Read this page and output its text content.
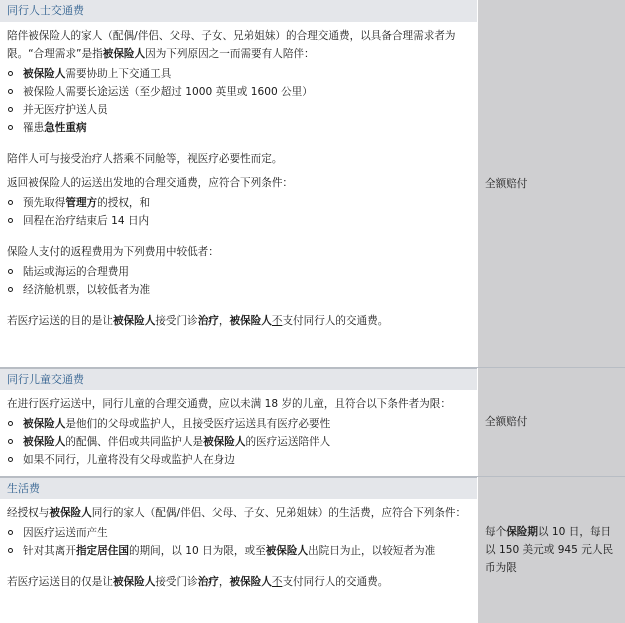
同行人士交通费

陪伴被保险人的家人（配偶/伴侣、父母、子女、兄弟姐妹）的合理交通费，以具备合理需求者为限。“合理需求”是指被保险人因为下列原因之一而需要有人陪伴：

被保险人需要协助上下交通工具
被保险人需要长途运送（至少超过 1000 英里或 1600 公里）
并无医疗护送人员
罹患急性重病

陪伴人可与接受治疗人搭乘不同舱等，视医疗必要性而定。

返回被保险人的运送出发地的合理交通费，应符合下列条件：

预先取得管理方的授权，和
回程在治疗结束后 14 日内

保险人支付的返程费用为下列费用中较低者：

陆运或海运的合理费用
经济舱机票，以较低者为准

若医疗运送的目的是让被保险人接受门诊治疗，被保险人不支付同行人的交通费。

全额赔付

同行儿童交通费

在进行医疗运送中，同行儿童的合理交通费，应以未满 18 岁的儿童，且符合以下条件者为限：

被保险人是他们的父母或监护人，且接受医疗运送具有医疗必要性
被保险人的配偶、伴侣或共同监护人是被保险人的医疗运送陪伴人
如果不同行，儿童将没有父母或监护人在身边

全额赔付

生活费

经授权与被保险人同行的家人（配偶/伴侣、父母、子女、兄弟姐妹）的生活费，应符合下列条件：

因医疗运送而产生
针对其离开指定居住国的期间，以 10 日为限，或至被保险人出院日为止，以较短者为准

若医疗运送目的仅是让被保险人接受门诊治疗，被保险人不支付同行人的交通费。

每个保险期以 10 日，每日以 150 美元或 945 元人民币为限
